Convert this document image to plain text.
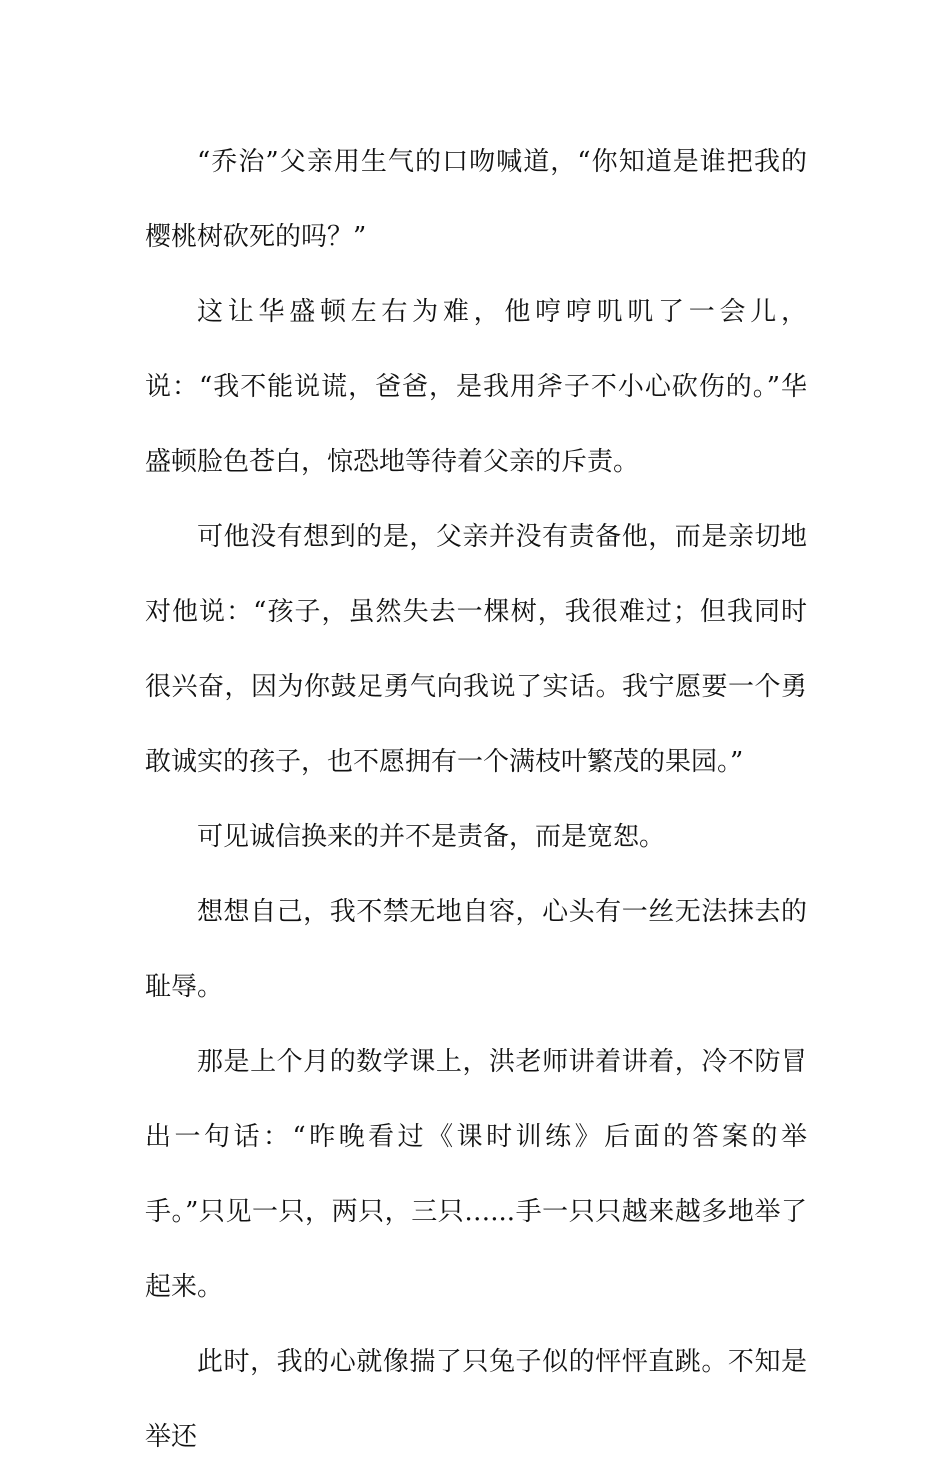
“乔治”父亲用生气的口吻喊道，“你知道是谁把我的樱桃树砍死的吗？”

这让华盛顿左右为难，他哼哼叽叽了一会儿，说：“我不能说谎，爸爸，是我用斧子不小心砍伤的。”华盛顿脸色苍白，惊恐地等待着父亲的斥责。

可他没有想到的是，父亲并没有责备他，而是亲切地对他说：“孩子，虽然失去一棵树，我很难过；但我同时很兴奋，因为你鼓足勇气向我说了实话。我宁愿要一个勇敢诚实的孩子，也不愿拥有一个满枝叶繁茂的果园。”

可见诚信换来的并不是责备，而是宽恕。

想想自己，我不禁无地自容，心头有一丝无法抹去的耻辱。

那是上个月的数学课上，洪老师讲着讲着，冷不防冒出一句话：“昨晚看过《课时训练》后面的答案的举手。”只见一只，两只，三只…...手一只只越来越多地举了起来。

此时，我的心就像揣了只兔子似的怦怦直跳。不知是举还
